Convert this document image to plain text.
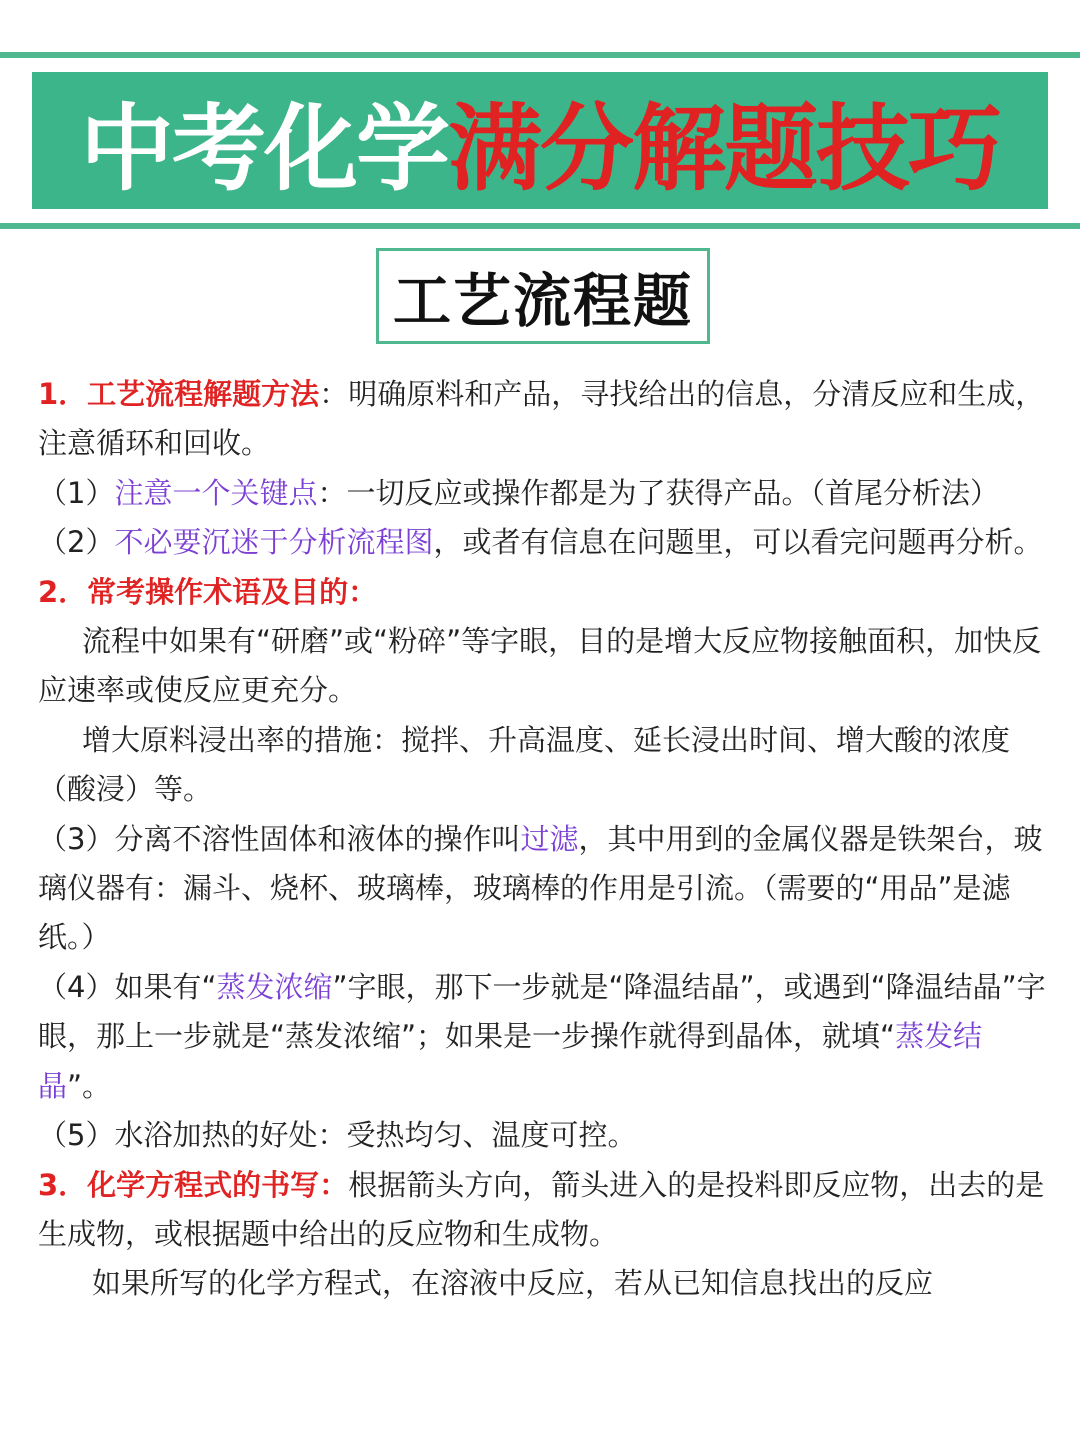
中考化学 满分解题技巧
工艺流程题

1．工艺流程解题方法：明确原料和产品，寻找给出的信息，分清反应和生成，注意循环和回收。

（1）注意一个关键点：一切反应或操作都是为了获得产品。（首尾分析法）

（2）不必要沉迷于分析流程图，或者有信息在问题里，可以看完问题再分析。

2．常考操作术语及目的：

流程中如果有“研磨”或“粉碎”等字眼，目的是增大反应物接触面积，加快反应速率或使反应更充分。

增大原料浸出率的措施：搅拌、升高温度、延长浸出时间、增大酸的浓度（酸浸）等。

（3）分离不溶性固体和液体的操作叫过滤，其中用到的金属仪器是铁架台，玻璃仪器有：漏斗、烧杯、玻璃棒，玻璃棒的作用是引流。（需要的“用品”是滤纸。）

（4）如果有“蒸发浓缩”字眼，那下一步就是“降温结晶”，或遇到“降温结晶”字眼，那上一步就是“蒸发浓缩”；如果是一步操作就得到晶体，就填“蒸发结晶”。

（5）水浴加热的好处：受热均匀、温度可控。

3．化学方程式的书写：根据箭头方向，箭头进入的是投料即反应物，出去的是生成物，或根据题中给出的反应物和生成物。

如果所写的化学方程式，在溶液中反应，若从已知信息找出的反应
